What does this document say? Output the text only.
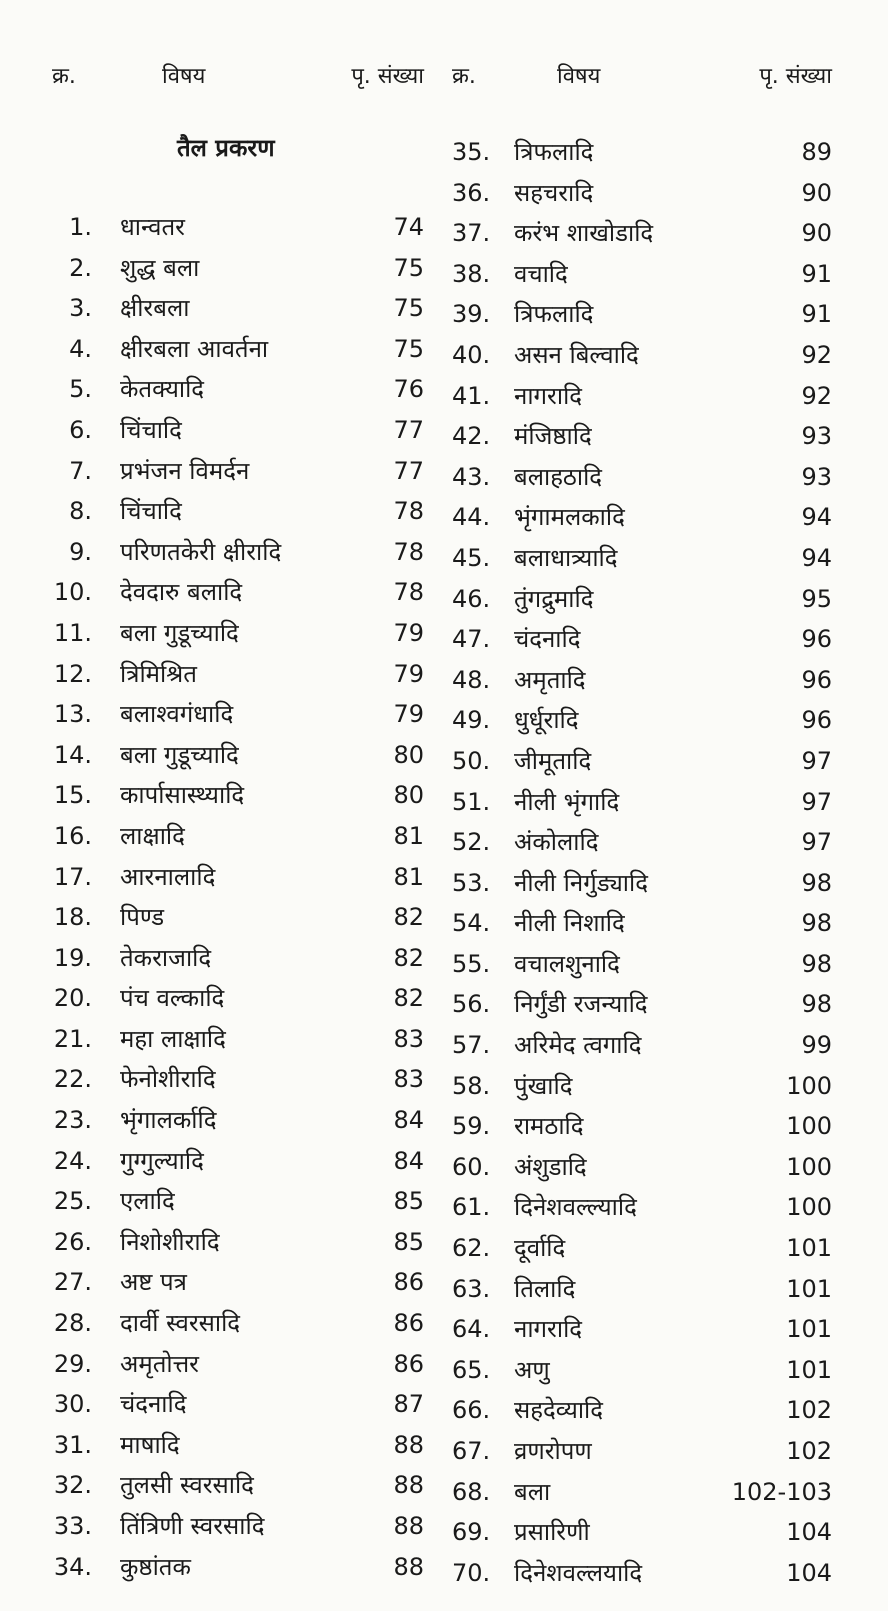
क्र.	विषय	पृ. संख्या
तैल प्रकरण
1 .	धान्वतर	74
2 .	शुद्ध बला	75
3 .	क्षीरबला	75
4 .	क्षीरबला आवर्तना	75
5 .	केतक्यादि	76
6 .	चिंचादि	77
7 .	प्रभंजन विमर्दन	77
8 .	चिंचादि	78
9 .	परिणतकेरी क्षीरादि	78
10 .	देवदारु बलादि	78
11 .	बला गुडूच्यादि	79
12 .	त्रिमिश्रित	79
13 .	बलाश्वगंधादि	79
14 .	बला गुडूच्यादि	80
15 .	कार्पासास्थ्यादि	80
16 .	लाक्षादि	81
17 .	आरनालादि	81
18 .	पिण्ड	82
19 .	तेकराजादि	82
20 .	पंच वल्कादि	82
21 .	महा लाक्षादि	83
22 .	फेनोशीरादि	83
23 .	भृंगालर्कादि	84
24 .	गुग्गुल्यादि	84
25 .	एलादि	85
26 .	निशोशीरादि	85
27 .	अष्ट पत्र	86
28 .	दार्वी स्वरसादि	86
29 .	अमृतोत्तर	86
30 .	चंदनादि	87
31 .	माषादि	88
32 .	तुलसी स्वरसादि	88
33 .	तिंत्रिणी स्वरसादि	88
34 .	कुष्ठांतक	88
क्र.	विषय	पृ. संख्या
35 .	त्रिफलादि	89
36 .	सहचरादि	90
37 .	करंभ शाखोडादि	90
38 .	वचादि	91
39 .	त्रिफलादि	91
40 .	असन बिल्वादि	92
41 .	नागरादि	92
42 .	मंजिष्ठादि	93
43 .	बलाहठादि	93
44 .	भृंगामलकादि	94
45 .	बलाधात्र्यादि	94
46 .	तुंगद्रुमादि	95
47 .	चंदनादि	96
48 .	अमृतादि	96
49 .	धुर्धूरादि	96
50 .	जीमूतादि	97
51 .	नीली भृंगादि	97
52 .	अंकोलादि	97
53 .	नीली निर्गुड्यादि	98
54 .	नीली निशादि	98
55 .	वचालशुनादि	98
56 .	निर्गुंडी रजन्यादि	98
57 .	अरिमेद त्वगादि	99
58 .	पुंखादि	100
59 .	रामठादि	100
60 .	अंशुडादि	100
61 .	दिनेशवल्ल्यादि	100
62 .	दूर्वादि	101
63 .	तिलादि	101
64 .	नागरादि	101
65 .	अणु	101
66 .	सहदेव्यादि	102
67 .	व्रणरोपण	102
68 .	बला	102-103
69 .	प्रसारिणी	104
70 .	दिनेशवल्लयादि	104
